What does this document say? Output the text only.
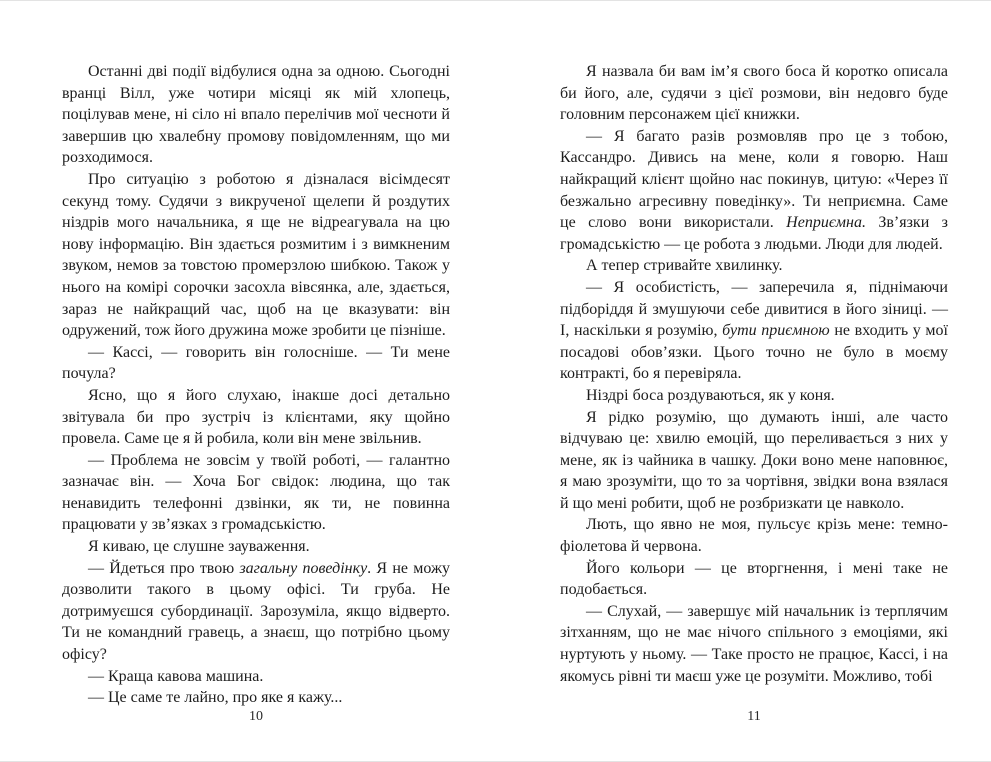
Останні дві події відбулися одна за одною. Сьогодні вранці Вілл, уже чотири місяці як мій хлопець, поцілував мене, ні сіло ні впало перелічив мої чесноти й завершив цю хвалебну промову повідомленням, що ми розходимося.

Про ситуацію з роботою я дізналася вісімдесят секунд тому. Судячи з викрученої щелепи й роздутих ніздрів мого начальника, я ще не відреагувала на цю нову інформацію. Він здається розмитим і з вимкненим звуком, немов за товстою промерзлою шибкою. Також у нього на комірі сорочки засохла вівсянка, але, здається, зараз не найкращий час, щоб на це вказувати: він одружений, тож його дружина може зробити це пізніше.

— Кассі, — говорить він голосніше. — Ти мене почула?

Ясно, що я його слухаю, інакше досі детально звітувала би про зустріч із клієнтами, яку щойно провела. Саме це я й робила, коли він мене звільнив.

— Проблема не зовсім у твоїй роботі, — галантно зазначає він. — Хоча Бог свідок: людина, що так ненавидить телефонні дзвінки, як ти, не повинна працювати у зв’язках з громадськістю.

Я киваю, це слушне зауваження.

— Йдеться про твою загальну поведінку. Я не можу дозволити такого в цьому офісі. Ти груба. Не дотримуєшся субординації. Зарозуміла, якщо відверто. Ти не командний гравець, а знаєш, що потрібно цьому офісу?

— Краща кавова машина.

— Це саме те лайно, про яке я кажу...

10

Я назвала би вам ім’я свого боса й коротко описала би його, але, судячи з цієї розмови, він недовго буде головним персонажем цієї книжки.

— Я багато разів розмовляв про це з тобою, Кассандро. Дивись на мене, коли я говорю. Наш найкращий клієнт щойно нас покинув, цитую: «Через її безжально агресивну поведінку». Ти неприємна. Саме це слово вони використали. Неприємна. Зв’язки з громадськістю — це робота з людьми. Люди для людей.

А тепер стривайте хвилинку.

— Я особистість, — заперечила я, піднімаючи підборіддя й змушуючи себе дивитися в його зіниці. — І, наскільки я розумію, бути приємною не входить у мої посадові обов’язки. Цього точно не було в моєму контракті, бо я перевіряла.

Ніздрі боса роздуваються, як у коня.

Я рідко розумію, що думають інші, але часто відчуваю це: хвилю емоцій, що переливається з них у мене, як із чайника в чашку. Доки воно мене наповнює, я маю зрозуміти, що то за чортівня, звідки вона взялася й що мені робити, щоб не розбризкати це навколо.

Лють, що явно не моя, пульсує крізь мене: темно-фіолетова й червона.

Його кольори — це вторгнення, і мені таке не подобається.

— Слухай, — завершує мій начальник із терплячим зітханням, що не має нічого спільного з емоціями, які нуртують у ньому. — Таке просто не працює, Кассі, і на якомусь рівні ти маєш уже це розуміти. Можливо, тобі

11
